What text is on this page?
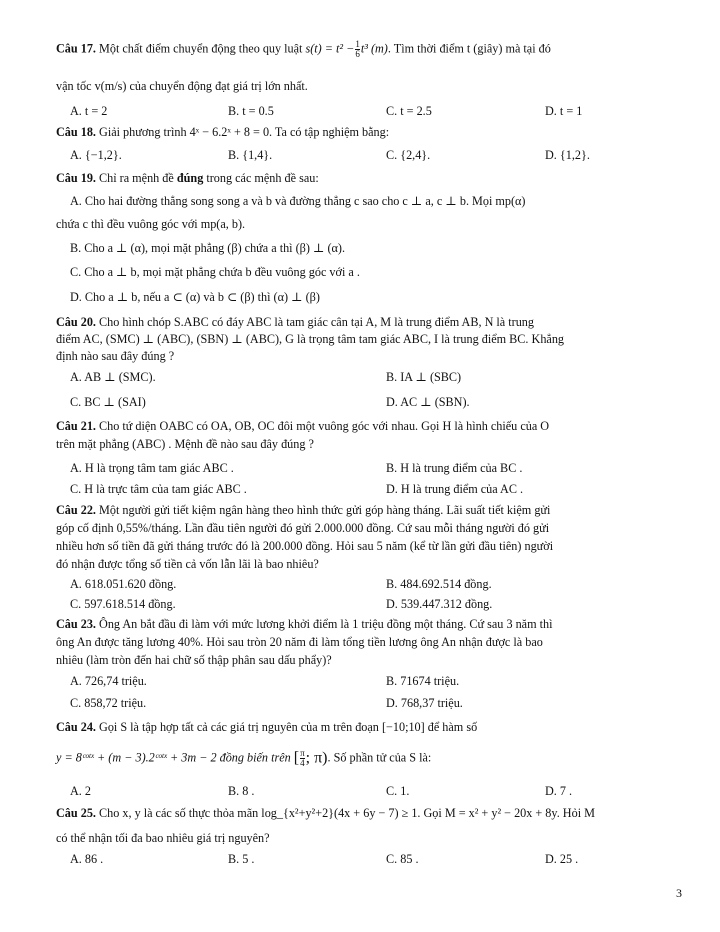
Câu 17. Một chất điểm chuyển động theo quy luật $s(t) = t^2 - \frac{1}{6} t^3$ (m). Tìm thời điểm t (giây) mà tại đó
vận tốc v(m/s) của chuyển động đạt giá trị lớn nhất.
A. t = 2	B. t = 0.5	C. t = 2.5	D. t = 1
Câu 18. Giải phương trình 4ˣ − 6.2ˣ + 8 = 0. Ta có tập nghiệm bằng:
A. {−1,2}.	B. {1,4}.	C. {2,4}.	D. {1,2}.
Câu 19. Chỉ ra mệnh đề đúng trong các mệnh đề sau:
A. Cho hai đường thẳng song song a và b và đường thẳng c sao cho c ⊥ a, c ⊥ b. Mọi mp(α)
chứa c thì đều vuông góc với mp(a, b).
B. Cho a ⊥ (α), mọi mặt phẳng (β) chứa a thì (β) ⊥ (α).
C. Cho a ⊥ b, mọi mặt phẳng chứa b đều vuông góc với a .
D. Cho a ⊥ b, nếu a ⊂ (α) và b ⊂ (β) thì (α) ⊥ (β)
Câu 20. Cho hình chóp S.ABC có đáy ABC là tam giác cân tại A, M là trung điểm AB, N là trung
điểm AC, (SMC) ⊥ (ABC), (SBN) ⊥ (ABC), G là trọng tâm tam giác ABC, I là trung điểm BC. Khẳng
định nào sau đây đúng ?
A. AB ⊥ (SMC).	B. IA ⊥ (SBC)
C. BC ⊥ (SAI)	D. AC ⊥ (SBN).
Câu 21. Cho tứ diện OABC có OA, OB, OC đôi một vuông góc với nhau. Gọi H là hình chiếu của O
trên mặt phẳng (ABC) . Mệnh đề nào sau đây đúng ?
A. H là trọng tâm tam giác ABC .	B. H là trung điểm của BC .
C. H là trực tâm của tam giác ABC .	D. H là trung điểm của AC .
Câu 22. Một người gửi tiết kiệm ngân hàng theo hình thức gửi góp hàng tháng. Lãi suất tiết kiệm gửi
góp cố định 0,55%/tháng. Lần đầu tiên người đó gửi 2.000.000 đồng. Cứ sau mỗi tháng người đó gửi
nhiều hơn số tiền đã gửi tháng trước đó là 200.000 đồng. Hỏi sau 5 năm (kể từ lần gửi đầu tiên) người
đó nhận được tổng số tiền cả vốn lẫn lãi là bao nhiêu?
A. 618.051.620 đồng.	B. 484.692.514 đồng.
C. 597.618.514 đồng.	D. 539.447.312 đồng.
Câu 23. Ông An bắt đầu đi làm với mức lương khởi điểm là 1 triệu đồng một tháng. Cứ sau 3 năm thì
ông An được tăng lương 40%. Hỏi sau tròn 20 năm đi làm tổng tiền lương ông An nhận được là bao
nhiêu (làm tròn đến hai chữ số thập phân sau dấu phẩy)?
A. 726,74 triệu.	B. 71674 triệu.
C. 858,72 triệu.	D. 768,37 triệu.
Câu 24. Gọi S là tập hợp tất cả các giá trị nguyên của m trên đoạn [−10;10] để hàm số
y = 8ᶜᵒᵗˣ + (m − 3).2ᶜᵒᵗˣ + 3m − 2 đồng biến trên [ $\frac{\pi}{4}$ ; π). Số phần tử của S là:
A. 2	B. 8 .	C. 1.	D. 7 .
Câu 25. Cho x, y là các số thực thỏa mãn log_{x²+y²+2}(4x + 6y − 7) ≥ 1. Gọi M = x² + y² − 20x + 8y. Hỏi M
có thể nhận tối đa bao nhiêu giá trị nguyên?
A. 86 .	B. 5 .	C. 85 .	D. 25 .
3
